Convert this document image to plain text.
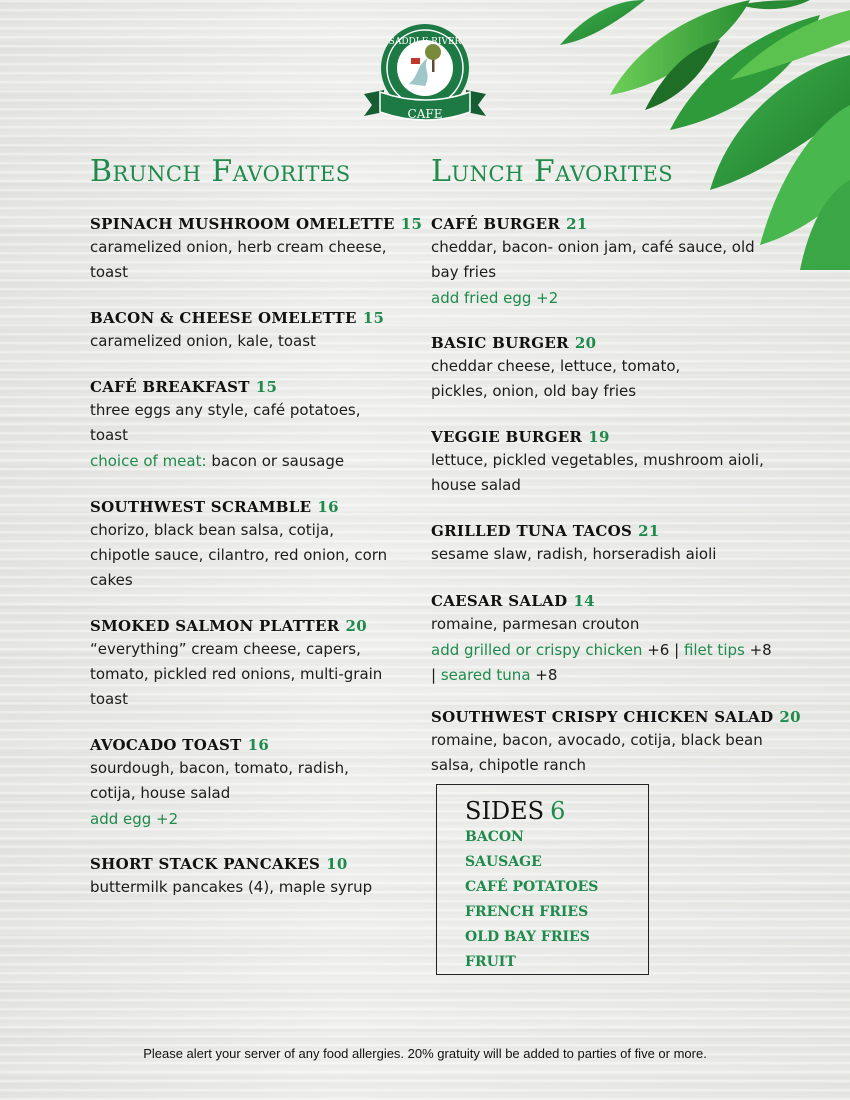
SADDLE RIVER
CAFE
Brunch Favorites
SPINACH MUSHROOM OMELETTE 15
caramelized onion, herb cream cheese, toast
BACON & CHEESE OMELETTE 15
caramelized onion, kale, toast
CAFÉ BREAKFAST 15
three eggs any style, café potatoes, toast
choice of meat: bacon or sausage
SOUTHWEST SCRAMBLE 16
chorizo, black bean salsa, cotija, chipotle sauce, cilantro, red onion, corn cakes
SMOKED SALMON PLATTER 20
“everything” cream cheese, capers, tomato, pickled red onions, multi-grain toast
AVOCADO TOAST 16
sourdough, bacon, tomato, radish, cotija, house salad
add egg +2
SHORT STACK PANCAKES 10
buttermilk pancakes (4), maple syrup
Lunch Favorites
CAFÉ BURGER 21
cheddar, bacon- onion jam, café sauce, old bay fries
add fried egg +2
BASIC BURGER 20
cheddar cheese, lettuce, tomato, pickles, onion, old bay fries
VEGGIE BURGER 19
lettuce, pickled vegetables, mushroom aioli, house salad
GRILLED TUNA TACOS 21
sesame slaw, radish, horseradish aioli
CAESAR SALAD 14
romaine, parmesan crouton
add grilled or crispy chicken +6 | filet tips +8 | seared tuna +8
SOUTHWEST CRISPY CHICKEN SALAD 20
romaine, bacon, avocado, cotija, black bean salsa, chipotle ranch
SIDES 6
BACON
SAUSAGE
CAFÉ POTATOES
FRENCH FRIES
OLD BAY FRIES
FRUIT
Please alert your server of any food allergies. 20% gratuity will be added to parties of five or more.
